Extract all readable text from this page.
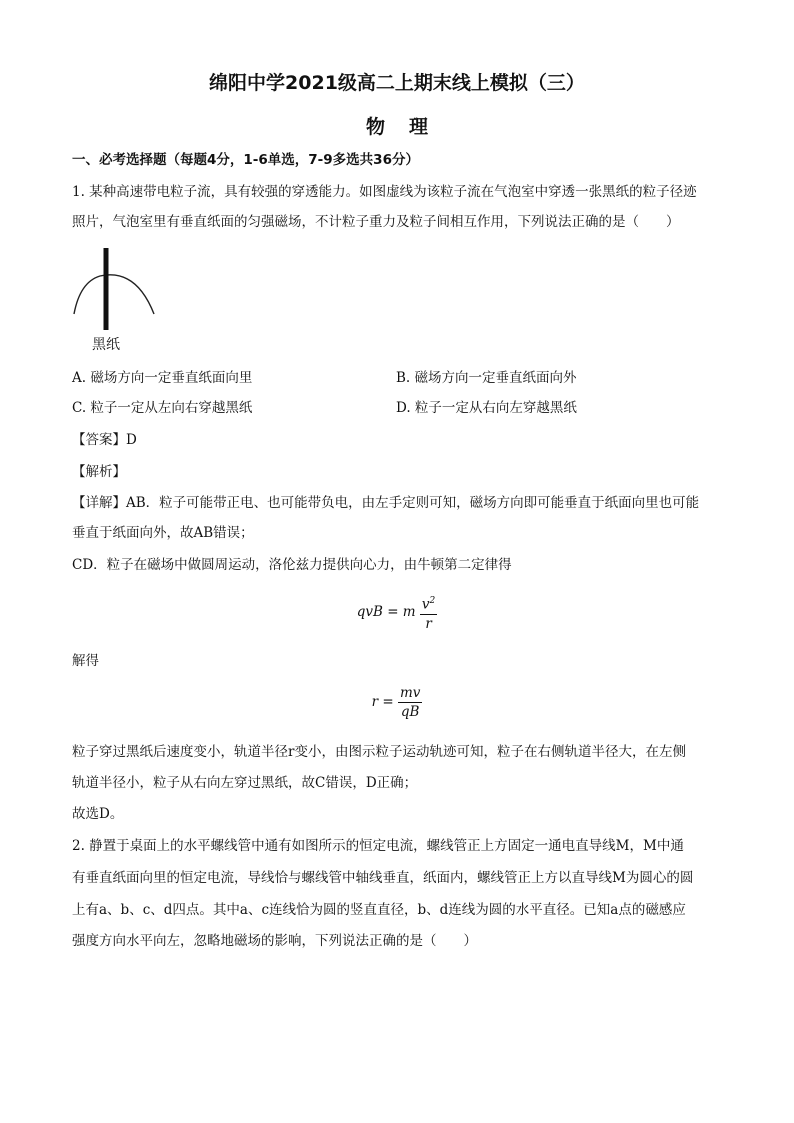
绵阳中学2021级高二上期末线上模拟（三）
物理
一、必考选择题（每题4分，1-6单选，7-9多选共36分）
1. 某种高速带电粒子流，具有较强的穿透能力。如图虚线为该粒子流在气泡室中穿透一张黑纸的粒子径迹
照片，气泡室里有垂直纸面的匀强磁场，不计粒子重力及粒子间相互作用，下列说法正确的是（　　）
黑纸
A. 磁场方向一定垂直纸面向里	B. 磁场方向一定垂直纸面向外
C. 粒子一定从左向右穿越黑纸	D. 粒子一定从右向左穿越黑纸
【答案】D
【解析】
【详解】AB．粒子可能带正电、也可能带负电，由左手定则可知，磁场方向即可能垂直于纸面向里也可能
垂直于纸面向外，故AB错误；
CD．粒子在磁场中做圆周运动，洛伦兹力提供向心力，由牛顿第二定律得
qvB = m $\frac{v^2}{r}$
解得
$r = \frac{mv}{qB}$
粒子穿过黑纸后速度变小，轨道半径r变小，由图示粒子运动轨迹可知，粒子在右侧轨道半径大，在左侧
轨道半径小，粒子从右向左穿过黑纸，故C错误，D正确；
故选D。
2. 静置于桌面上的水平螺线管中通有如图所示的恒定电流，螺线管正上方固定一通电直导线M，M中通
有垂直纸面向里的恒定电流，导线恰与螺线管中轴线垂直，纸面内，螺线管正上方以直导线M为圆心的圆
上有a、b、c、d四点。其中a、c连线恰为圆的竖直直径，b、d连线为圆的水平直径。已知a点的磁感应
强度方向水平向左，忽略地磁场的影响，下列说法正确的是（　　）
